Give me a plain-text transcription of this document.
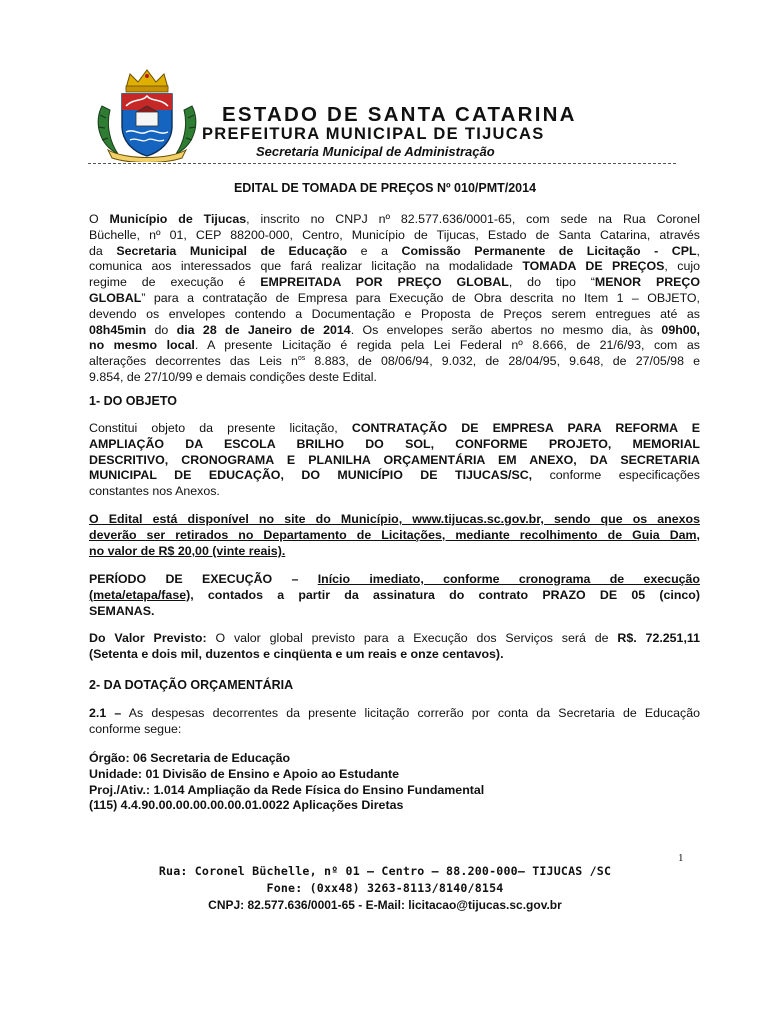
ESTADO DE SANTA CATARINA
PREFEITURA MUNICIPAL DE TIJUCAS
Secretaria Municipal de Administração
EDITAL DE TOMADA DE PREÇOS Nº 010/PMT/2014
O Município de Tijucas, inscrito no CNPJ nº 82.577.636/0001-65, com sede na Rua Coronel
Büchelle, nº 01, CEP 88200-000, Centro, Município de Tijucas, Estado de Santa Catarina, através
da Secretaria Municipal de Educação e a Comissão Permanente de Licitação - CPL,
comunica aos interessados que fará realizar licitação na modalidade TOMADA DE PREÇOS, cujo
regime de execução é EMPREITADA POR PREÇO GLOBAL, do tipo “MENOR PREÇO
GLOBAL” para a contratação de Empresa para Execução de Obra descrita no Item 1 – OBJETO,
devendo os envelopes contendo a Documentação e Proposta de Preços serem entregues até as
08h45min do dia 28 de Janeiro de 2014. Os envelopes serão abertos no mesmo dia, às 09h00,
no mesmo local. A presente Licitação é regida pela Lei Federal nº 8.666, de 21/6/93, com as
alterações decorrentes das Leis $n^{os}$ 8.883, de 08/06/94, 9.032, de 28/04/95, 9.648, de 27/05/98 e
9.854, de 27/10/99 e demais condições deste Edital.
1- DO OBJETO
Constitui objeto da presente licitação, CONTRATAÇÃO DE EMPRESA PARA REFORMA E
AMPLIAÇÃO DA ESCOLA BRILHO DO SOL, CONFORME PROJETO, MEMORIAL
DESCRITIVO, CRONOGRAMA E PLANILHA ORÇAMENTÁRIA EM ANEXO, DA SECRETARIA
MUNICIPAL DE EDUCAÇÃO, DO MUNICÍPIO DE TIJUCAS/SC, conforme especificações
constantes nos Anexos.
O Edital está disponível no site do Município, www.tijucas.sc.gov.br, sendo que os anexos
deverão ser retirados no Departamento de Licitações, mediante recolhimento de Guia Dam,
no valor de R$ 20,00 (vinte reais).
PERÍODO DE EXECUÇÃO – Início imediato, conforme cronograma de execução
(meta/etapa/fase), contados a partir da assinatura do contrato PRAZO DE 05 (cinco)
SEMANAS.
Do Valor Previsto: O valor global previsto para a Execução dos Serviços será de R$. 72.251,11
(Setenta e dois mil, duzentos e cinqüenta e um reais e onze centavos).
2- DA DOTAÇÃO ORÇAMENTÁRIA
2.1 – As despesas decorrentes da presente licitação correrão por conta da Secretaria de Educação
conforme segue:
Órgão: 06 Secretaria de Educação
Unidade: 01 Divisão de Ensino e Apoio ao Estudante
Proj./Ativ.: 1.014 Ampliação da Rede Física do Ensino Fundamental
(115) 4.4.90.00.00.00.00.00.01.0022 Aplicações Diretas
1
Rua: Coronel Büchelle, nº 01 – Centro – 88.200-000– TIJUCAS /SC
Fone: (0xx48) 3263-8113/8140/8154
CNPJ: 82.577.636/0001-65 - E-Mail: licitacao@tijucas.sc.gov.br
